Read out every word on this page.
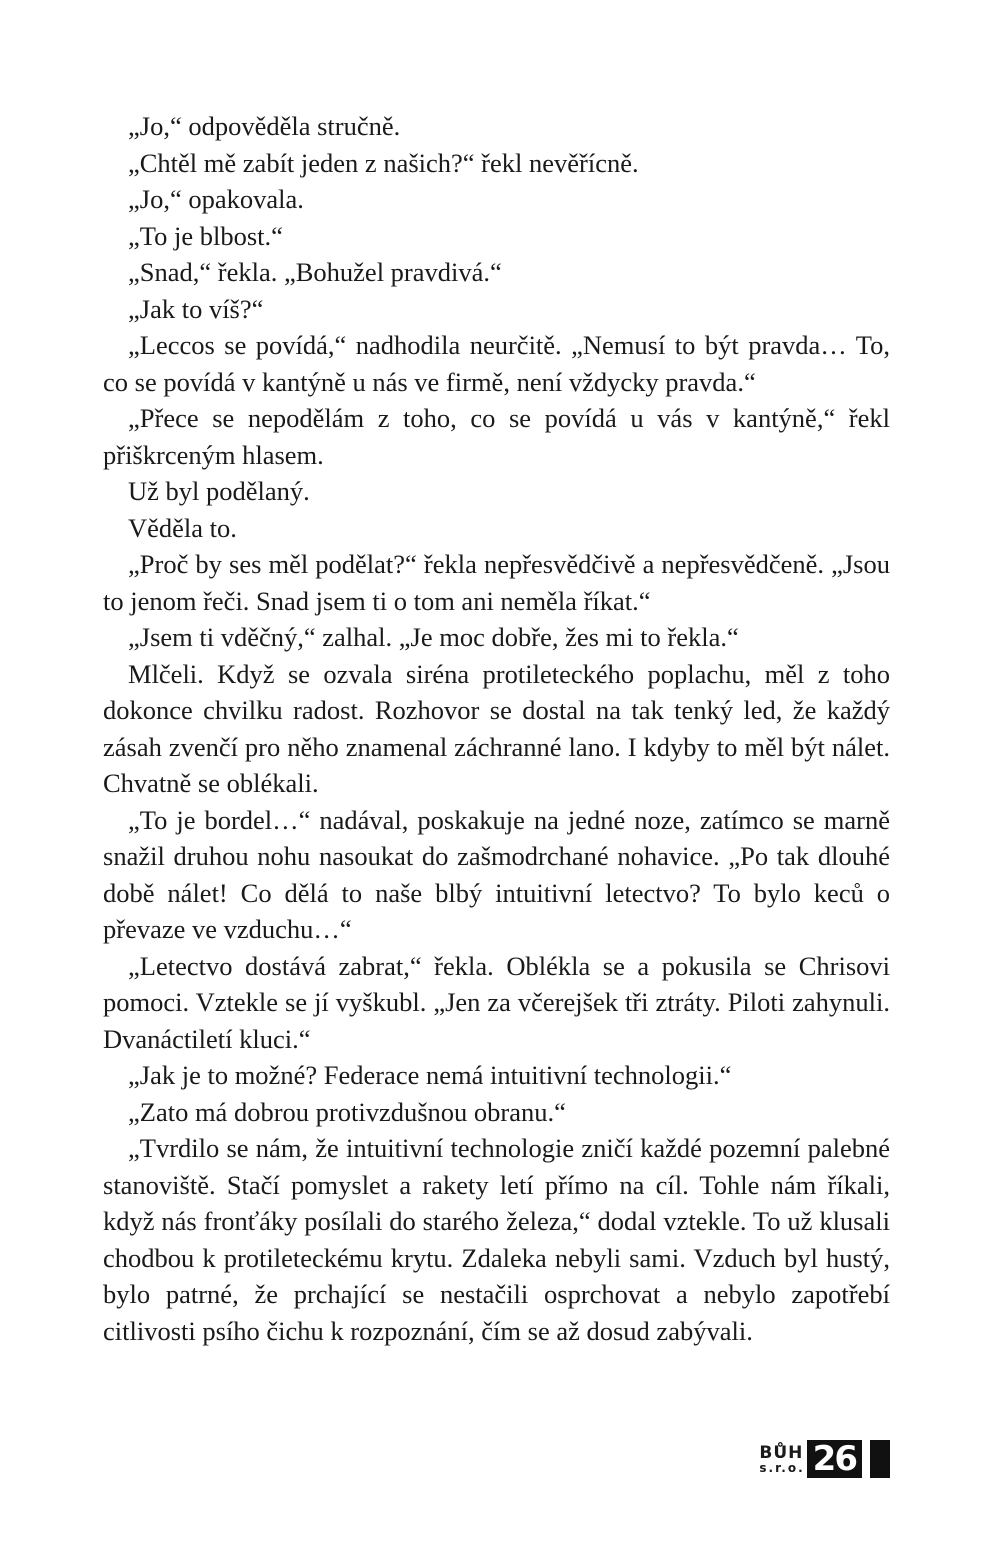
„Jo,“ odpověděla stručně.

„Chtěl mě zabít jeden z našich?“ řekl nevěřícně.

„Jo,“ opakovala.

„To je blbost.“

„Snad,“ řekla. „Bohužel pravdivá.“

„Jak to víš?“

„Leccos se povídá,“ nadhodila neurčitě. „Nemusí to být pravda… To, co se povídá v kantýně u nás ve firmě, není vždycky pravda.“

„Přece se nepodělám z toho, co se povídá u vás v kantýně,“ řekl přiškrceným hlasem.

Už byl podělaný.

Věděla to.

„Proč by ses měl podělat?“ řekla nepřesvědčivě a nepřesvědčeně. „Jsou to jenom řeči. Snad jsem ti o tom ani neměla říkat.“

„Jsem ti vděčný,“ zalhal. „Je moc dobře, žes mi to řekla.“

Mlčeli. Když se ozvala siréna protileteckého poplachu, měl z toho dokonce chvilku radost. Rozhovor se dostal na tak tenký led, že každý zásah zvenčí pro něho znamenal záchranné lano. I kdyby to měl být nálet. Chvatně se oblékali.

„To je bordel…“ nadával, poskakuje na jedné noze, zatímco se marně snažil druhou nohu nasoukat do zašmodrchané nohavice. „Po tak dlouhé době nálet! Co dělá to naše blbý intuitivní letectvo? To bylo keců o převaze ve vzduchu…“

„Letectvo dostává zabrat,“ řekla. Oblékla se a pokusila se Chrisovi pomoci. Vztekle se jí vyškubl. „Jen za včerejšek tři ztráty. Piloti zahynuli. Dvanáctiletí kluci.“

„Jak je to možné? Federace nemá intuitivní technologii.“

„Zato má dobrou protivzdušnou obranu.“

„Tvrdilo se nám, že intuitivní technologie zničí každé pozemní palebné stanoviště. Stačí pomyslet a rakety letí přímo na cíl. Tohle nám říkali, když nás fronťáky posílali do starého železa,“ dodal vztekle. To už klusali chodbou k protileteckému krytu. Zdaleka nebyli sami. Vzduch byl hustý, bylo patrné, že prchající se nestačili osprchovat a nebylo zapotřebí citlivosti psího čichu k rozpoznání, čím se až dosud zabývali.

BŮH
s.r.o. 26
